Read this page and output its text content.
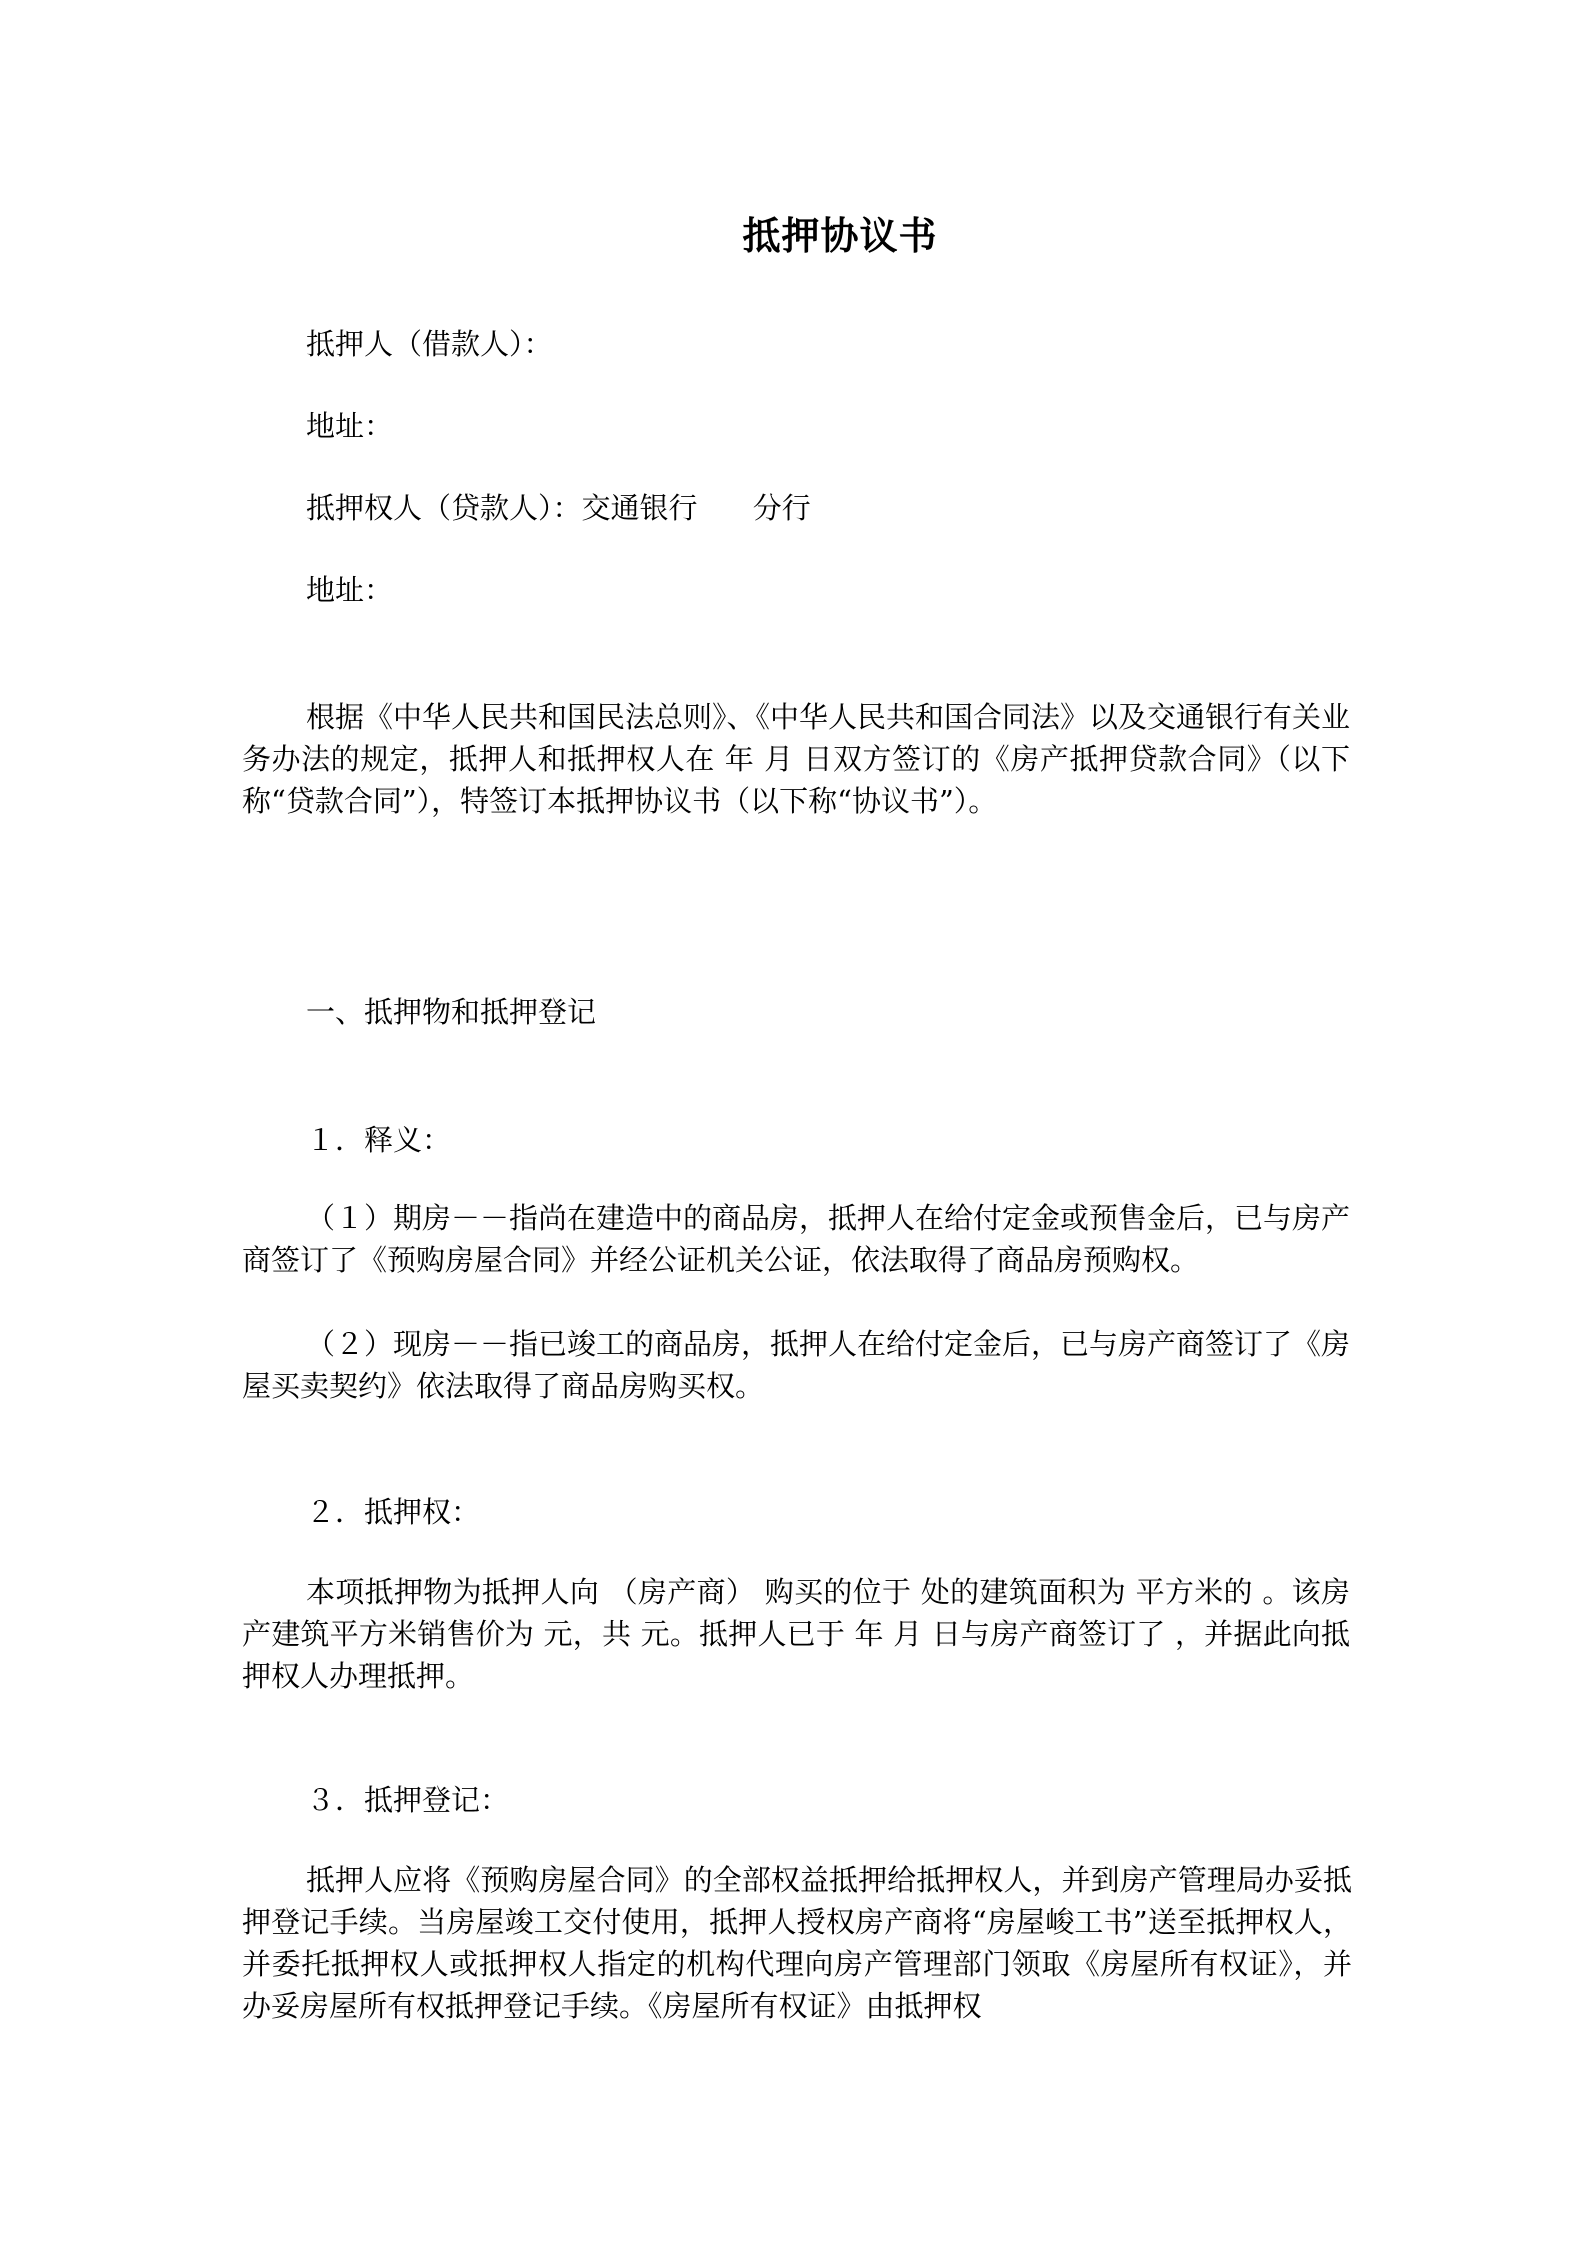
抵押协议书
抵押人（借款人）：
地址：
抵押权人（贷款人）：交通银行      分行
地址：
根据《中华人民共和国民法总则》、《中华人民共和国合同法》以及交通银行有关业务办法的规定，抵押人和抵押权人在 年 月 日双方签订的《房产抵押贷款合同》（以下称“贷款合同”），特签订本抵押协议书（以下称“协议书”）。
一、抵押物和抵押登记
１．释义：
（１）期房－－指尚在建造中的商品房，抵押人在给付定金或预售金后，已与房产商签订了《预购房屋合同》并经公证机关公证，依法取得了商品房预购权。
（２）现房－－指已竣工的商品房，抵押人在给付定金后，已与房产商签订了《房屋买卖契约》依法取得了商品房购买权。
２．抵押权：
本项抵押物为抵押人向 （房产商） 购买的位于 处的建筑面积为 平方米的 。该房产建筑平方米销售价为 元，共 元。抵押人已于 年 月 日与房产商签订了 ，并据此向抵押权人办理抵押。
３．抵押登记：
抵押人应将《预购房屋合同》的全部权益抵押给抵押权人，并到房产管理局办妥抵押登记手续。当房屋竣工交付使用，抵押人授权房产商将“房屋峻工书”送至抵押权人，并委托抵押权人或抵押权人指定的机构代理向房产管理部门领取《房屋所有权证》，并办妥房屋所有权抵押登记手续。《房屋所有权证》由抵押权
